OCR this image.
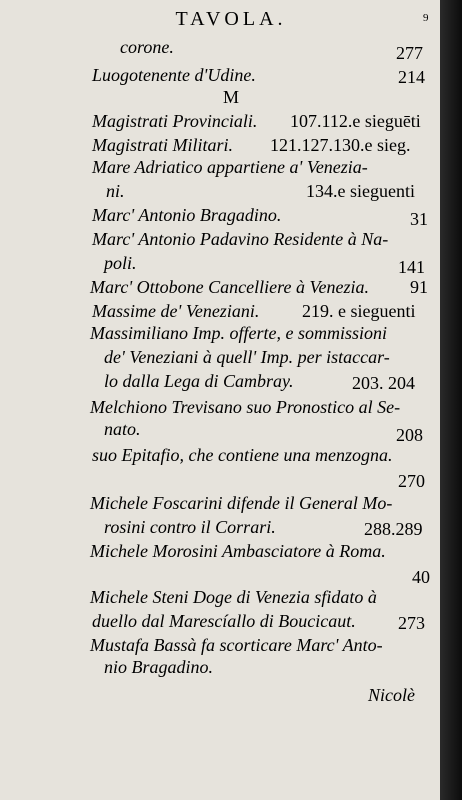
TAVOLA.	9
corone.	277
Luogotenente d'Udine.	214
M
Magistrati Provinciali. 107.112.e sieguēti
Magistrati Militari. 121.127.130.e sieg.
Mare Adriatico appartiene a' Venezia-
ni.	134.e sieguenti
Marc' Antonio Bragadino.	31
Marc' Antonio Padavino Residente à Na-
poli.	141
Marc' Ottobone Cancelliere à Venezia. 91
Massime de' Veneziani. 219. e sieguenti
Massimiliano Imp. offerte, e sommissioni
de' Veneziani à quell' Imp. per istaccar-
lo dalla Lega di Cambray.	203. 204
Melchiono Trevisano suo Pronostico al Se-
nato.	208
suo Epitafio, che contiene una menzogna.
270
Michele Foscarini difende il General Mo-
rosini contro il Corrari.	288.289
Michele Morosini Ambasciatore à Roma.
40
Michele Steni Doge di Venezia sfidato à
duello dal Marescíallo di Boucicaut. 273
Mustafa Bassà fa scorticare Marc' Anto-
nio Bragadino.
Nicolè
